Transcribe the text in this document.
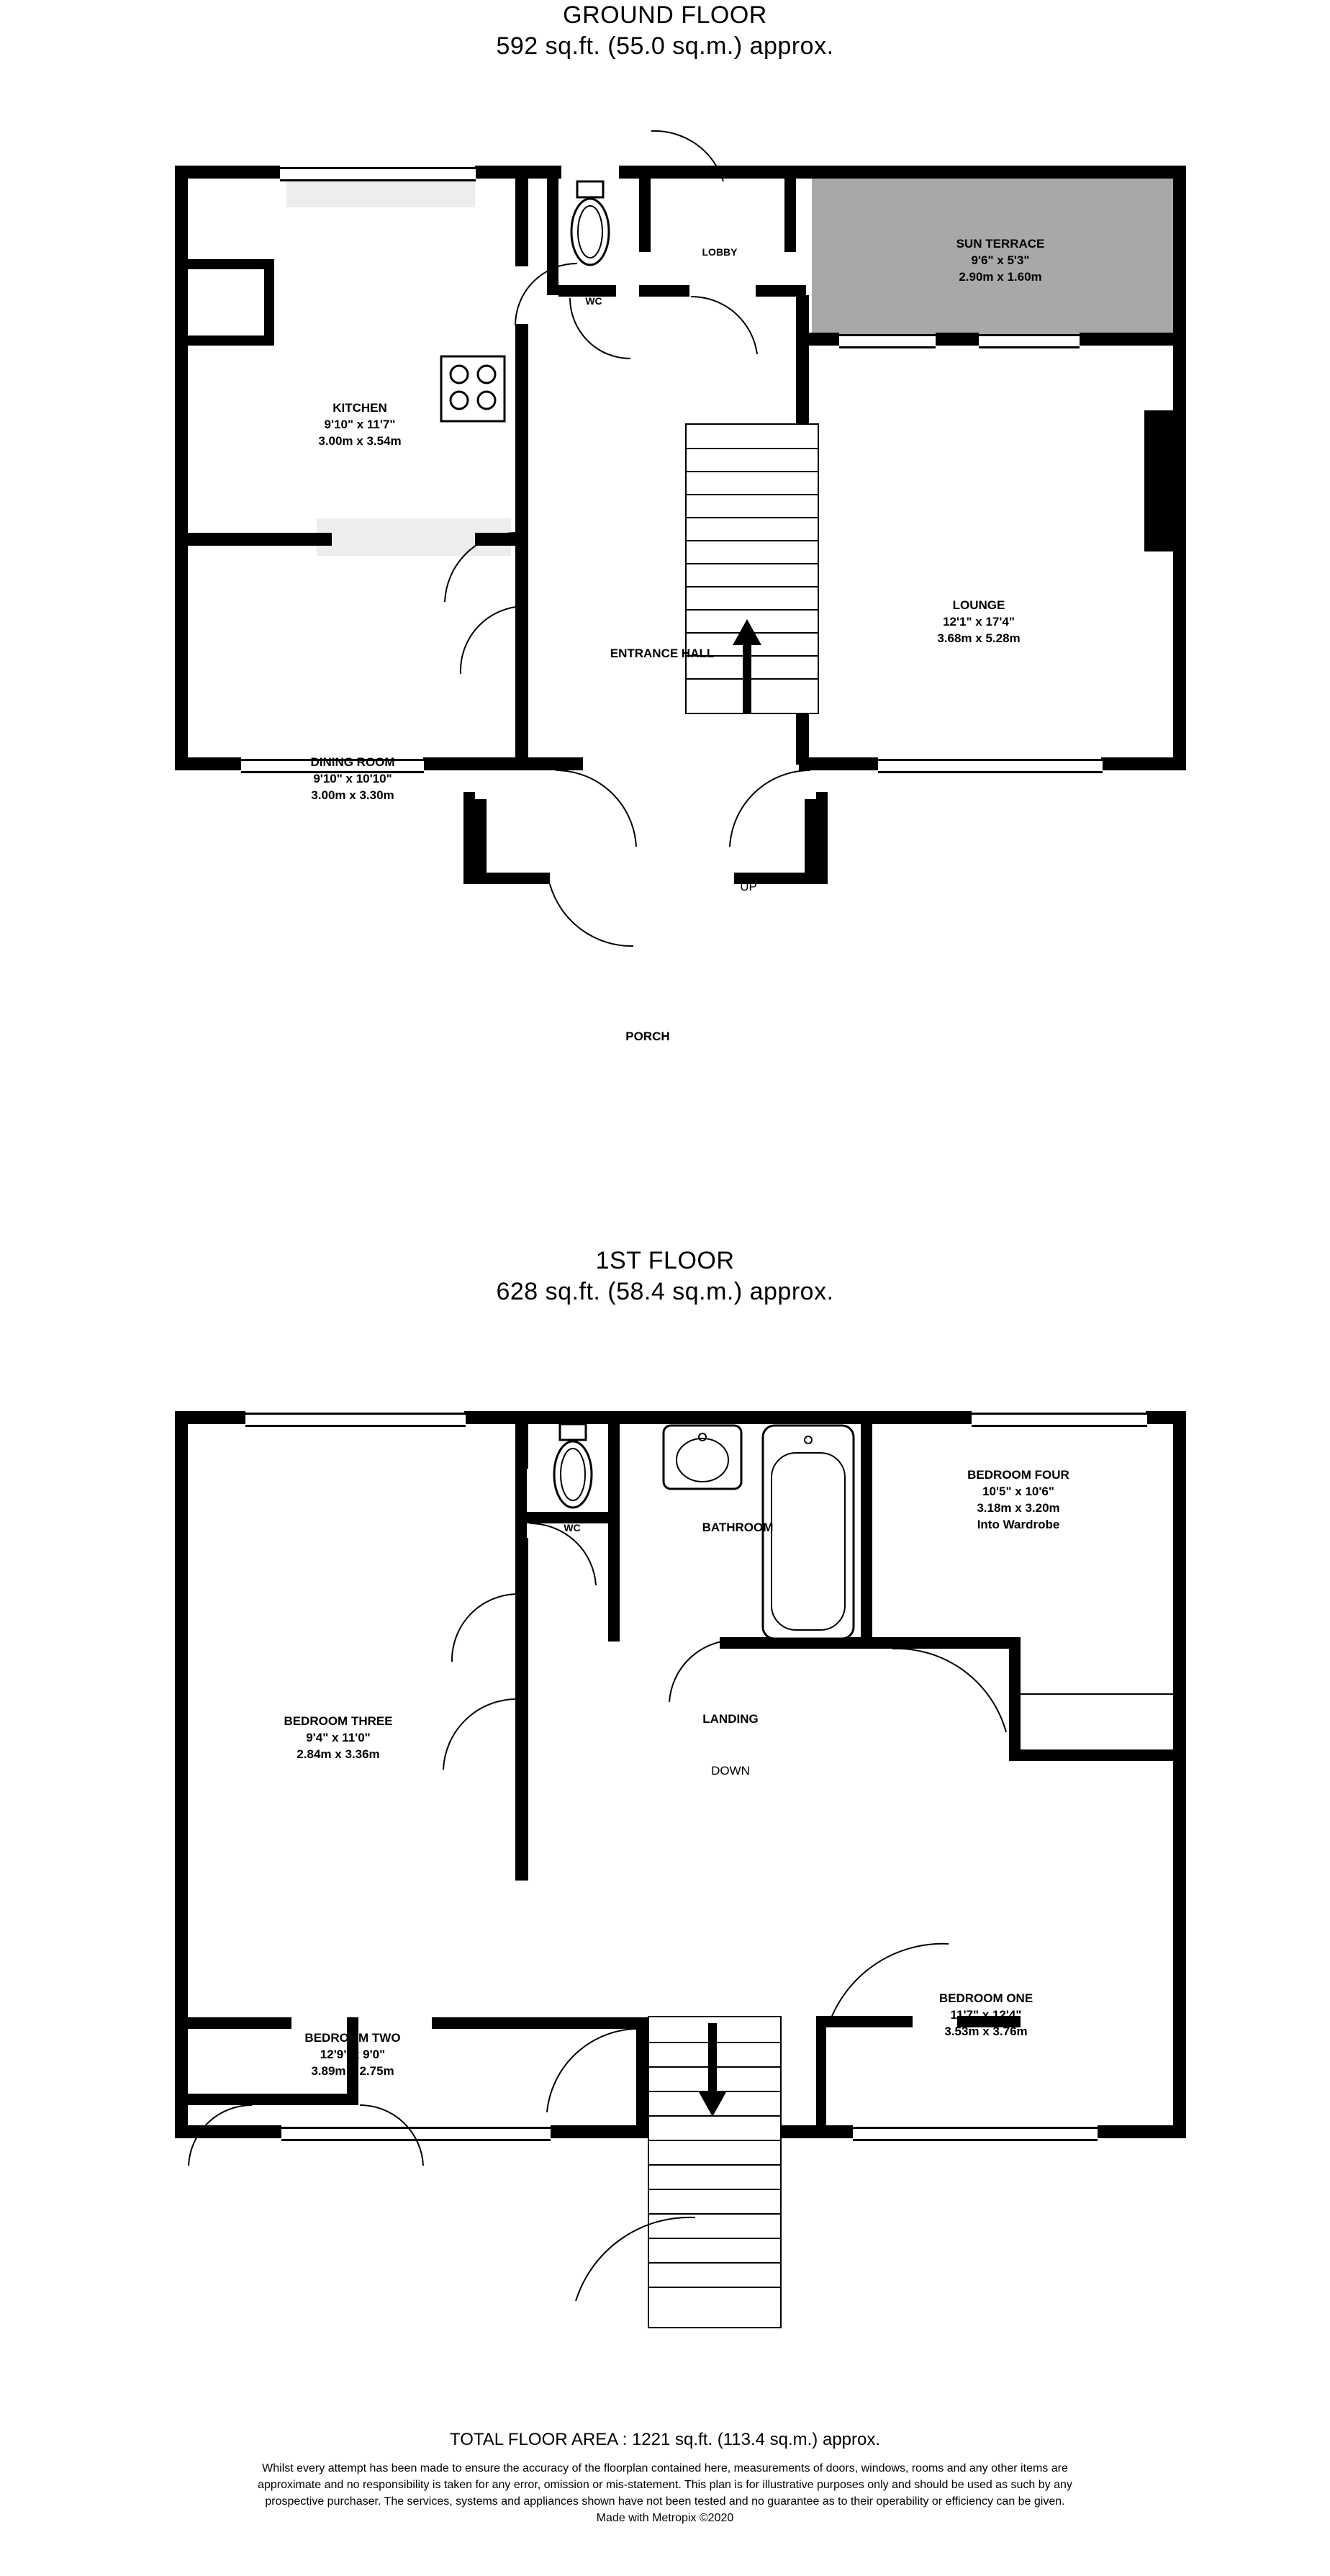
GROUND FLOOR
592 sq.ft. (55.0 sq.m.) approx.
KITCHEN
9'10" x 11'7"
3.00m x 3.54m
SUN TERRACE
9'6" x 5'3"
2.90m x 1.60m
LOUNGE
12'1" x 17'4"
3.68m x 5.28m
DINING ROOM
9'10" x 10'10"
3.00m x 3.30m
LOBBY
WC
ENTRANCE HALL
PORCH
UP
1ST FLOOR
628 sq.ft. (58.4 sq.m.) approx.
BEDROOM THREE
9'4" x 11'0"
2.84m x 3.36m
BEDROOM FOUR
10'5" x 10'6"
3.18m x 3.20m
Into Wardrobe
BEDROOM TWO
12'9" x 9'0"
3.89m x 2.75m
BEDROOM ONE
11'7" x 12'4"
3.53m x 3.76m
WC	BATHROOM
LANDING
DOWN
TOTAL FLOOR AREA : 1221 sq.ft. (113.4 sq.m.) approx.
Whilst every attempt has been made to ensure the accuracy of the floorplan contained here, measurements of doors, windows, rooms and any other items are approximate and no responsibility is taken for any error, omission or mis-statement. This plan is for illustrative purposes only and should be used as such by any prospective purchaser. The services, systems and appliances shown have not been tested and no guarantee as to their operability or efficiency can be given.
Made with Metropix ©2020
